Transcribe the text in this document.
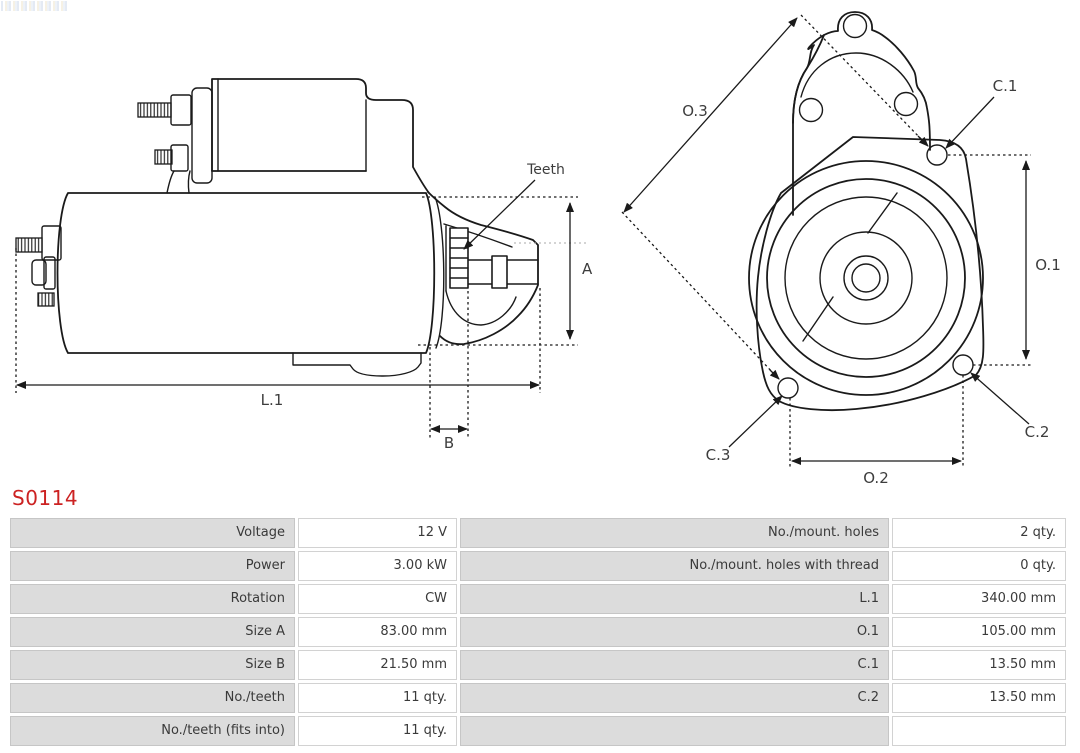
A
L.1
B
Teeth
O.3
C.1
O.1
C.2
C.3
O.2
S0114
Voltage	12 V	No./mount. holes	2 qty.
Power	3.00 kW	No./mount. holes with thread	0 qty.
Rotation	CW	L.1	340.00 mm
Size A	83.00 mm	O.1	105.00 mm
Size B	21.50 mm	C.1	13.50 mm
No./teeth	11 qty.	C.2	13.50 mm
No./teeth (fits into)	11 qty.
